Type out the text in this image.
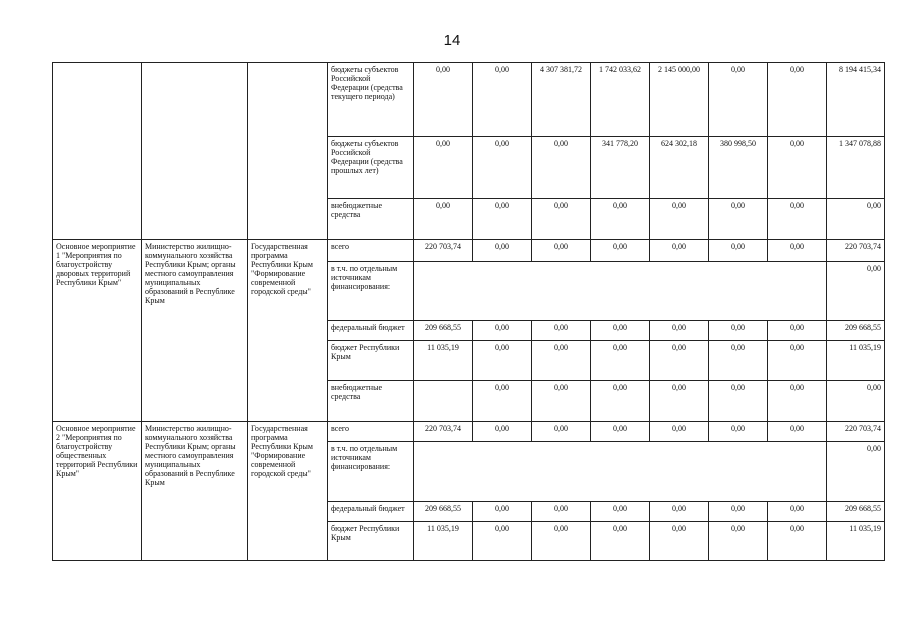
14
			бюджеты субъектов Российской Федерации (средства текущего периода)	0,00	0,00	4 307 381,72	1 742 033,62	2 145 000,00	0,00	0,00	8 194 415,34
			бюджеты субъектов Российской Федерации (средства прошлых лет)	0,00	0,00	0,00	341 778,20	624 302,18	380 998,50	0,00	1 347 078,88
			внебюджетные средства	0,00	0,00	0,00	0,00	0,00	0,00	0,00	0,00
Основное мероприятие 1 "Мероприятия по благоустройству дворовых территорий Республики Крым"	Министерство жилищно-коммунального хозяйства Республики Крым; органы местного самоуправления муниципальных образований в Республике Крым	Государственная программа Республики Крым "Формирование современной городской среды"	всего	220 703,74	0,00	0,00	0,00	0,00	0,00	0,00	220 703,74
			в т.ч. по отдельным источникам финансирования:								0,00
			федеральный бюджет	209 668,55	0,00	0,00	0,00	0,00	0,00	0,00	209 668,55
			бюджет Республики Крым	11 035,19	0,00	0,00	0,00	0,00	0,00	0,00	11 035,19
			внебюджетные средства		0,00	0,00	0,00	0,00	0,00	0,00	0,00

Основное мероприятие 2 "Мероприятия по благоустройству общественных территорий Республики Крым"	Министерство жилищно-коммунального хозяйства Республики Крым; органы местного самоуправления муниципальных образований в Республике Крым	Государственная программа Республики Крым "Формирование современной городской среды"	всего	220 703,74	0,00	0,00	0,00	0,00	0,00	0,00	220 703,74
			в т.ч. по отдельным источникам финансирования:								0,00
			федеральный бюджет	209 668,55	0,00	0,00	0,00	0,00	0,00	0,00	209 668,55
			бюджет Республики Крым	11 035,19	0,00	0,00	0,00	0,00	0,00	0,00	11 035,19
